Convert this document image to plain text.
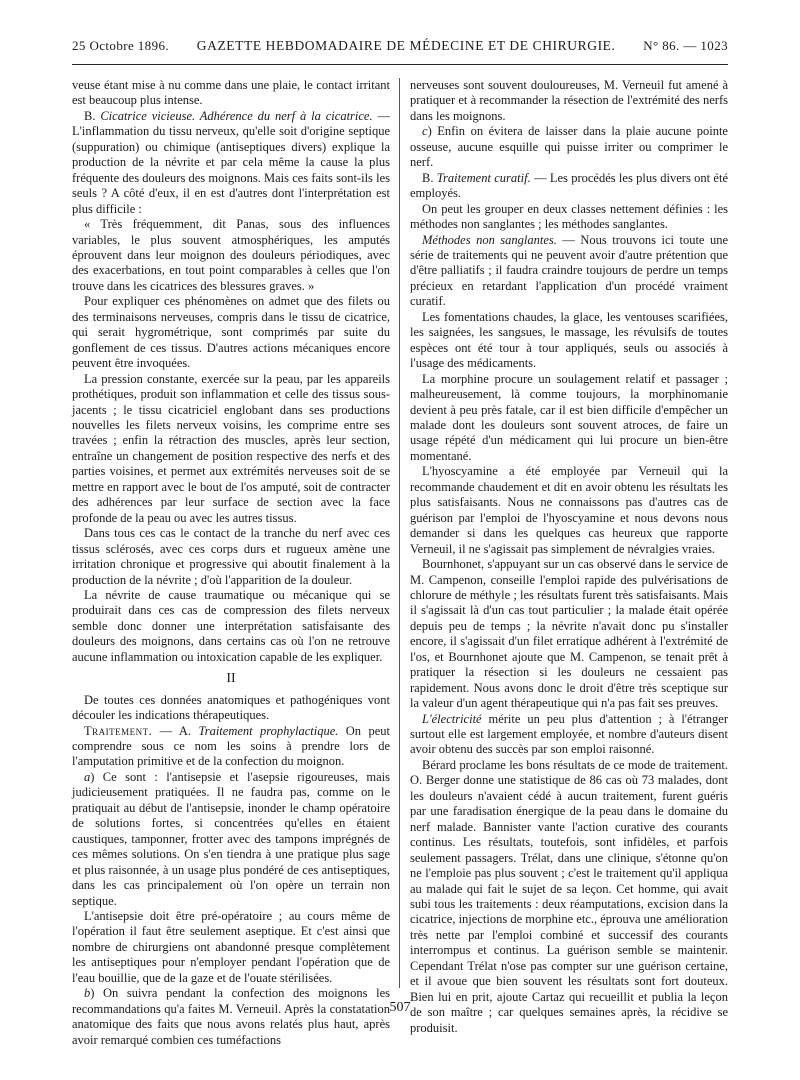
25 Octobre 1896. GAZETTE HEBDOMADAIRE DE MÉDECINE ET DE CHIRURGIE. N° 86. — 1023

veuse étant mise à nu comme dans une plaie, le contact irritant est beaucoup plus intense.

B. Cicatrice vicieuse. Adhérence du nerf à la cicatrice. — L'inflammation du tissu nerveux, qu'elle soit d'origine septique (suppuration) ou chimique (antiseptiques divers) explique la production de la névrite et par cela même la cause la plus fréquente des douleurs des moignons. Mais ces faits sont-ils les seuls ? A côté d'eux, il en est d'autres dont l'interprétation est plus difficile :

« Très fréquemment, dit Panas, sous des influences variables, le plus souvent atmosphériques, les amputés éprouvent dans leur moignon des douleurs périodiques, avec des exacerbations, en tout point comparables à celles que l'on trouve dans les cicatrices des blessures graves. »

Pour expliquer ces phénomènes on admet que des filets ou des terminaisons nerveuses, compris dans le tissu de cicatrice, qui serait hygrométrique, sont comprimés par suite du gonflement de ces tissus. D'autres actions mécaniques encore peuvent être invoquées.

La pression constante, exercée sur la peau, par les appareils prothétiques, produit son inflammation et celle des tissus sous-jacents ; le tissu cicatriciel englobant dans ses productions nouvelles les filets nerveux voisins, les comprime entre ses travées ; enfin la rétraction des muscles, après leur section, entraîne un changement de position respective des nerfs et des parties voisines, et permet aux extrémités nerveuses soit de se mettre en rapport avec le bout de l'os amputé, soit de contracter des adhérences par leur surface de section avec la face profonde de la peau ou avec les autres tissus.

Dans tous ces cas le contact de la tranche du nerf avec ces tissus sclérosés, avec ces corps durs et rugueux amène une irritation chronique et progressive qui aboutit finalement à la production de la névrite ; d'où l'apparition de la douleur.

La névrite de cause traumatique ou mécanique qui se produirait dans ces cas de compression des filets nerveux semble donc donner une interprétation satisfaisante des douleurs des moignons, dans certains cas où l'on ne retrouve aucune inflammation ou intoxication capable de les expliquer.

II

De toutes ces données anatomiques et pathogéniques vont découler les indications thérapeutiques.

Traitement. — A. Traitement prophylactique. On peut comprendre sous ce nom les soins à prendre lors de l'amputation primitive et de la confection du moignon.

a) Ce sont : l'antisepsie et l'asepsie rigoureuses, mais judicieusement pratiquées. Il ne faudra pas, comme on le pratiquait au début de l'antisepsie, inonder le champ opératoire de solutions fortes, si concentrées qu'elles en étaient caustiques, tamponner, frotter avec des tampons imprégnés de ces mêmes solutions. On s'en tiendra à une pratique plus sage et plus raisonnée, à un usage plus pondéré de ces antiseptiques, dans les cas principalement où l'on opère un terrain non septique.

L'antisepsie doit être pré-opératoire ; au cours même de l'opération il faut être seulement aseptique. Et c'est ainsi que nombre de chirurgiens ont abandonné presque complètement les antiseptiques pour n'employer pendant l'opération que de l'eau bouillie, que de la gaze et de l'ouate stérilisées.

b) On suivra pendant la confection des moignons les recommandations qu'a faites M. Verneuil. Après la constatation anatomique des faits que nous avons relatés plus haut, après avoir remarqué combien ces tuméfactions

nerveuses sont souvent douloureuses, M. Verneuil fut amené à pratiquer et à recommander la résection de l'extrémité des nerfs dans les moignons.

c) Enfin on évitera de laisser dans la plaie aucune pointe osseuse, aucune esquille qui puisse irriter ou comprimer le nerf.

B. Traitement curatif. — Les procédés les plus divers ont été employés.

On peut les grouper en deux classes nettement définies : les méthodes non sanglantes ; les méthodes sanglantes.

Méthodes non sanglantes. — Nous trouvons ici toute une série de traitements qui ne peuvent avoir d'autre prétention que d'être palliatifs ; il faudra craindre toujours de perdre un temps précieux en retardant l'application d'un procédé vraiment curatif.

Les fomentations chaudes, la glace, les ventouses scarifiées, les saignées, les sangsues, le massage, les révulsifs de toutes espèces ont été tour à tour appliqués, seuls ou associés à l'usage des médicaments.

La morphine procure un soulagement relatif et passager ; malheureusement, là comme toujours, la morphinomanie devient à peu près fatale, car il est bien difficile d'empêcher un malade dont les douleurs sont souvent atroces, de faire un usage répété d'un médicament qui lui procure un bien-être momentané.

L'hyoscyamine a été employée par Verneuil qui la recommande chaudement et dit en avoir obtenu les résultats les plus satisfaisants. Nous ne connaissons pas d'autres cas de guérison par l'emploi de l'hyoscyamine et nous devons nous demander si dans les quelques cas heureux que rapporte Verneuil, il ne s'agissait pas simplement de névralgies vraies.

Bournhonet, s'appuyant sur un cas observé dans le service de M. Campenon, conseille l'emploi rapide des pulvérisations de chlorure de méthyle ; les résultats furent très satisfaisants. Mais il s'agissait là d'un cas tout particulier ; la malade était opérée depuis peu de temps ; la névrite n'avait donc pu s'installer encore, il s'agissait d'un filet erratique adhérent à l'extrémité de l'os, et Bournhonet ajoute que M. Campenon, se tenait prêt à pratiquer la résection si les douleurs ne cessaient pas rapidement. Nous avons donc le droit d'être très sceptique sur la valeur d'un agent thérapeutique qui n'a pas fait ses preuves.

L'électricité mérite un peu plus d'attention ; à l'étranger surtout elle est largement employée, et nombre d'auteurs disent avoir obtenu des succès par son emploi raisonné.

Bérard proclame les bons résultats de ce mode de traitement. O. Berger donne une statistique de 86 cas où 73 malades, dont les douleurs n'avaient cédé à aucun traitement, furent guéris par une faradisation énergique de la peau dans le domaine du nerf malade. Bannister vante l'action curative des courants continus. Les résultats, toutefois, sont infidèles, et parfois seulement passagers. Trélat, dans une clinique, s'étonne qu'on ne l'emploie pas plus souvent ; c'est le traitement qu'il appliqua au malade qui fait le sujet de sa leçon. Cet homme, qui avait subi tous les traitements : deux réamputations, excision dans la cicatrice, injections de morphine etc., éprouva une amélioration très nette par l'emploi combiné et successif des courants interrompus et continus. La guérison semble se maintenir. Cependant Trélat n'ose pas compter sur une guérison certaine, et il avoue que bien souvent les résultats sont fort douteux. Bien lui en prit, ajoute Cartaz qui recueillit et publia la leçon de son maître ; car quelques semaines après, la récidive se produisit.

507
